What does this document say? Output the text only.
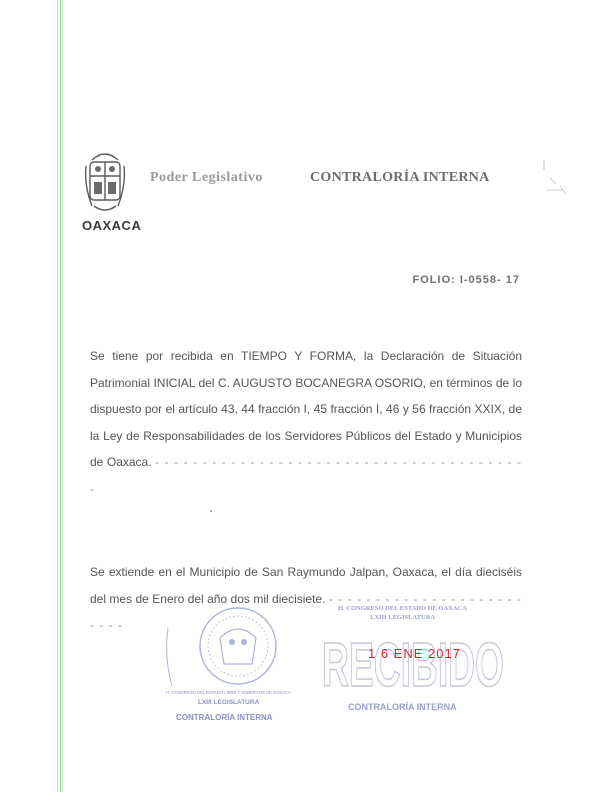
OAXACA
Poder Legislativo	CONTRALORÍA INTERNA
FOLIO: I-0558- 17

Se tiene por recibida en TIEMPO Y FORMA, la Declaración de Situación Patrimonial INICIAL del C. AUGUSTO BOCANEGRA OSORIO, en términos de lo dispuesto por el artículo 43, 44 fracción I, 45 fracción I, 46 y 56 fracción XXIX, de la Ley de Responsabilidades de los Servidores Públicos del Estado y Municipios de Oaxaca. - - - - - - - - - - - - - - - - - - - - - - - - - - - - - - - - - - - - - - - -

Se extiende en el Municipio de San Raymundo Jalpan, Oaxaca, el día dieciséis del mes de Enero del año dos mil diecisiete. - - - - - - - - - - - - - - - - - - - - - - - - -

H. CONGRESO DEL ESTADO LIBRE Y SOBERANO DE OAXACA
LXIII LEGISLATURA
CONTRALORÍA INTERNA
H. CONGRESO DEL ESTADO DE OAXACA
LXIII LEGISLATURA
RECIBIDO
CONTRALORÍA INTERNA
1 6 ENE 2017
